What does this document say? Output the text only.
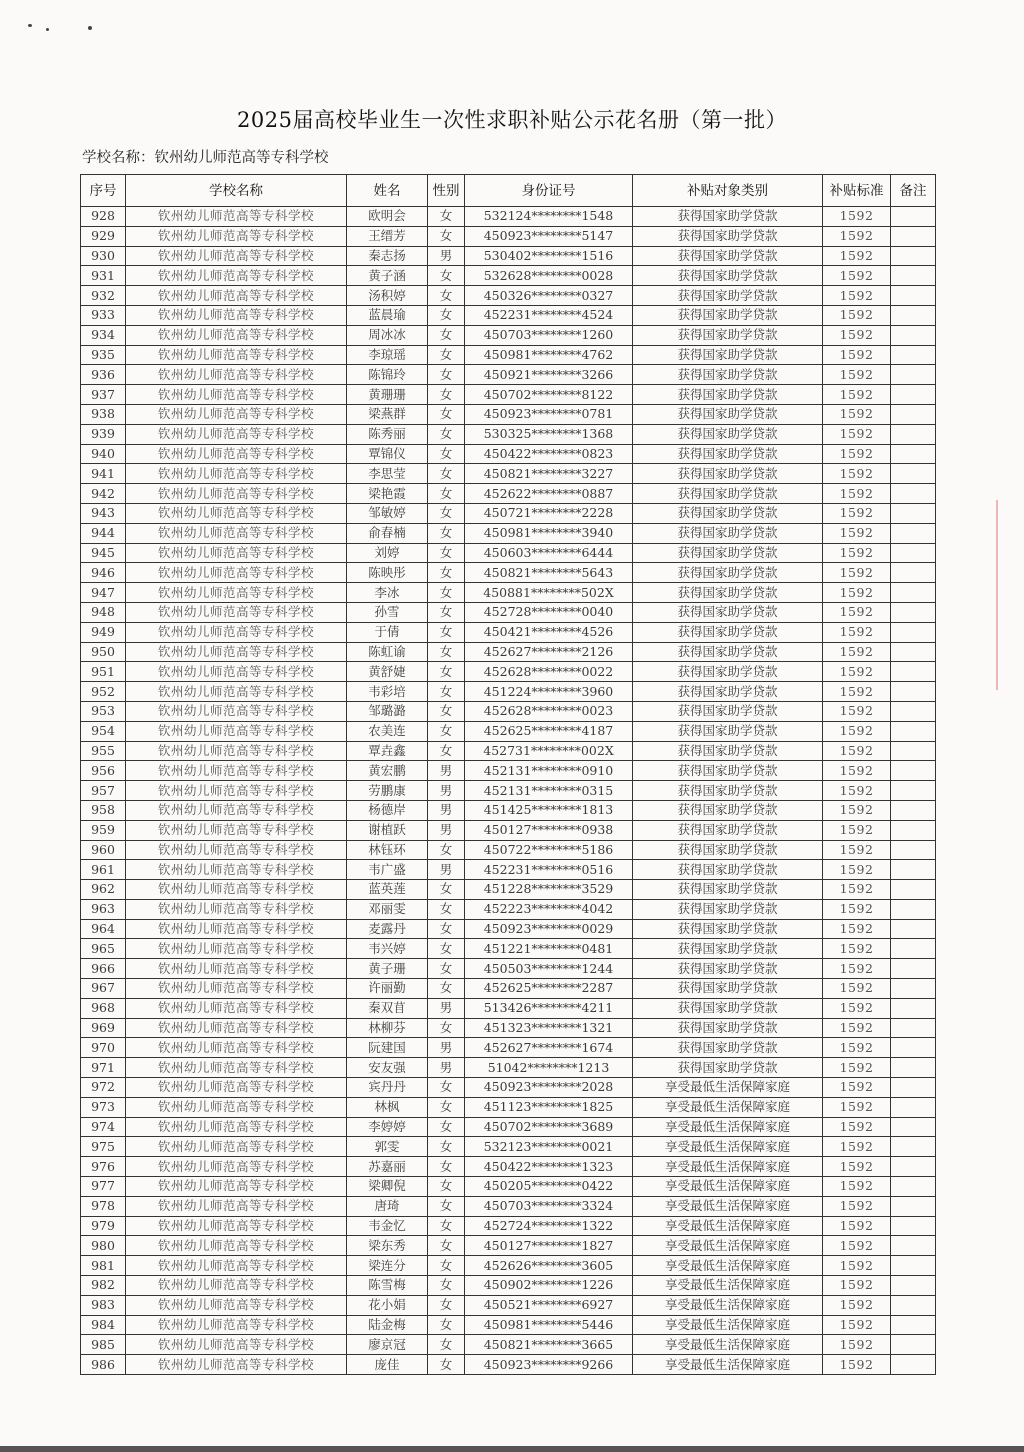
2025届高校毕业生一次性求职补贴公示花名册（第一批）
学校名称：钦州幼儿师范高等专科学校
序号	学校名称	姓名	性别	身份证号	补贴对象类别	补贴标准	备注
928	钦州幼儿师范高等专科学校	欧明会	女	532124********1548	获得国家助学贷款	1592	
929	钦州幼儿师范高等专科学校	王缙芳	女	450923********5147	获得国家助学贷款	1592	
930	钦州幼儿师范高等专科学校	秦志扬	男	530402********1516	获得国家助学贷款	1592	
931	钦州幼儿师范高等专科学校	黄子涵	女	532628********0028	获得国家助学贷款	1592	
932	钦州幼儿师范高等专科学校	汤积婷	女	450326********0327	获得国家助学贷款	1592	
933	钦州幼儿师范高等专科学校	蓝晨瑜	女	452231********4524	获得国家助学贷款	1592	
934	钦州幼儿师范高等专科学校	周冰冰	女	450703********1260	获得国家助学贷款	1592	
935	钦州幼儿师范高等专科学校	李琼瑶	女	450981********4762	获得国家助学贷款	1592	
936	钦州幼儿师范高等专科学校	陈锦玲	女	450921********3266	获得国家助学贷款	1592	
937	钦州幼儿师范高等专科学校	黄珊珊	女	450702********8122	获得国家助学贷款	1592	
938	钦州幼儿师范高等专科学校	梁燕群	女	450923********0781	获得国家助学贷款	1592	
939	钦州幼儿师范高等专科学校	陈秀丽	女	530325********1368	获得国家助学贷款	1592	
940	钦州幼儿师范高等专科学校	覃锦仪	女	450422********0823	获得国家助学贷款	1592	
941	钦州幼儿师范高等专科学校	李思莹	女	450821********3227	获得国家助学贷款	1592	
942	钦州幼儿师范高等专科学校	梁艳霞	女	452622********0887	获得国家助学贷款	1592	
943	钦州幼儿师范高等专科学校	邹敏婷	女	450721********2228	获得国家助学贷款	1592	
944	钦州幼儿师范高等专科学校	俞春楠	女	450981********3940	获得国家助学贷款	1592	
945	钦州幼儿师范高等专科学校	刘婷	女	450603********6444	获得国家助学贷款	1592	
946	钦州幼儿师范高等专科学校	陈映彤	女	450821********5643	获得国家助学贷款	1592	
947	钦州幼儿师范高等专科学校	李冰	女	450881********502X	获得国家助学贷款	1592	
948	钦州幼儿师范高等专科学校	孙雪	女	452728********0040	获得国家助学贷款	1592	
949	钦州幼儿师范高等专科学校	于倩	女	450421********4526	获得国家助学贷款	1592	
950	钦州幼儿师范高等专科学校	陈虹谕	女	452627********2126	获得国家助学贷款	1592	
951	钦州幼儿师范高等专科学校	黄舒婕	女	452628********0022	获得国家助学贷款	1592	
952	钦州幼儿师范高等专科学校	韦彩培	女	451224********3960	获得国家助学贷款	1592	
953	钦州幼儿师范高等专科学校	邹璐潞	女	452628********0023	获得国家助学贷款	1592	
954	钦州幼儿师范高等专科学校	农美连	女	452625********4187	获得国家助学贷款	1592	
955	钦州幼儿师范高等专科学校	覃垚鑫	女	452731********002X	获得国家助学贷款	1592	
956	钦州幼儿师范高等专科学校	黄宏鹏	男	452131********0910	获得国家助学贷款	1592	
957	钦州幼儿师范高等专科学校	劳鹏康	男	452131********0315	获得国家助学贷款	1592	
958	钦州幼儿师范高等专科学校	杨德岸	男	451425********1813	获得国家助学贷款	1592	
959	钦州幼儿师范高等专科学校	谢植跃	男	450127********0938	获得国家助学贷款	1592	
960	钦州幼儿师范高等专科学校	林钰环	女	450722********5186	获得国家助学贷款	1592	
961	钦州幼儿师范高等专科学校	韦广盛	男	452231********0516	获得国家助学贷款	1592	
962	钦州幼儿师范高等专科学校	蓝英莲	女	451228********3529	获得国家助学贷款	1592	
963	钦州幼儿师范高等专科学校	邓丽雯	女	452223********4042	获得国家助学贷款	1592	
964	钦州幼儿师范高等专科学校	麦露丹	女	450923********0029	获得国家助学贷款	1592	
965	钦州幼儿师范高等专科学校	韦兴婷	女	451221********0481	获得国家助学贷款	1592	
966	钦州幼儿师范高等专科学校	黄子珊	女	450503********1244	获得国家助学贷款	1592	
967	钦州幼儿师范高等专科学校	许丽勤	女	452625********2287	获得国家助学贷款	1592	
968	钦州幼儿师范高等专科学校	秦双苜	男	513426********4211	获得国家助学贷款	1592	
969	钦州幼儿师范高等专科学校	林柳芬	女	451323********1321	获得国家助学贷款	1592	
970	钦州幼儿师范高等专科学校	阮建国	男	452627********1674	获得国家助学贷款	1592	
971	钦州幼儿师范高等专科学校	安友强	男	51042********1213	获得国家助学贷款	1592	
972	钦州幼儿师范高等专科学校	宾丹丹	女	450923********2028	享受最低生活保障家庭	1592	
973	钦州幼儿师范高等专科学校	林枫	女	451123********1825	享受最低生活保障家庭	1592	
974	钦州幼儿师范高等专科学校	李婷婷	女	450702********3689	享受最低生活保障家庭	1592	
975	钦州幼儿师范高等专科学校	郭雯	女	532123********0021	享受最低生活保障家庭	1592	
976	钦州幼儿师范高等专科学校	苏嘉丽	女	450422********1323	享受最低生活保障家庭	1592	
977	钦州幼儿师范高等专科学校	梁卿倪	女	450205********0422	享受最低生活保障家庭	1592	
978	钦州幼儿师范高等专科学校	唐琦	女	450703********3324	享受最低生活保障家庭	1592	
979	钦州幼儿师范高等专科学校	韦金忆	女	452724********1322	享受最低生活保障家庭	1592	
980	钦州幼儿师范高等专科学校	梁东秀	女	450127********1827	享受最低生活保障家庭	1592	
981	钦州幼儿师范高等专科学校	梁连分	女	452626********3605	享受最低生活保障家庭	1592	
982	钦州幼儿师范高等专科学校	陈雪梅	女	450902********1226	享受最低生活保障家庭	1592	
983	钦州幼儿师范高等专科学校	花小娟	女	450521********6927	享受最低生活保障家庭	1592	
984	钦州幼儿师范高等专科学校	陆金梅	女	450981********5446	享受最低生活保障家庭	1592	
985	钦州幼儿师范高等专科学校	廖京冠	女	450821********3665	享受最低生活保障家庭	1592	
986	钦州幼儿师范高等专科学校	庞佳	女	450923********9266	享受最低生活保障家庭	1592	
